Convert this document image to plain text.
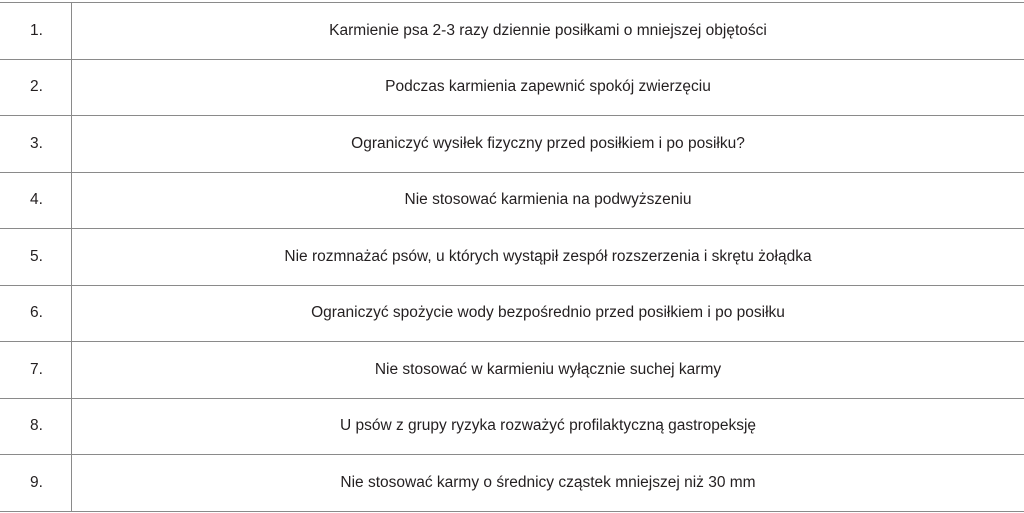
1.	Karmienie psa 2-3 razy dziennie posiłkami o mniejszej objętości
2.	Podczas karmienia zapewnić spokój zwierzęciu
3.	Ograniczyć wysiłek fizyczny przed posiłkiem i po posiłku?
4.	Nie stosować karmienia na podwyższeniu
5.	Nie rozmnażać psów, u których wystąpił zespół rozszerzenia i skrętu żołądka
6.	Ograniczyć spożycie wody bezpośrednio przed posiłkiem i po posiłku
7.	Nie stosować w karmieniu wyłącznie suchej karmy
8.	U psów z grupy ryzyka rozważyć profilaktyczną gastropeksję
9.	Nie stosować karmy o średnicy cząstek mniejszej niż 30 mm
